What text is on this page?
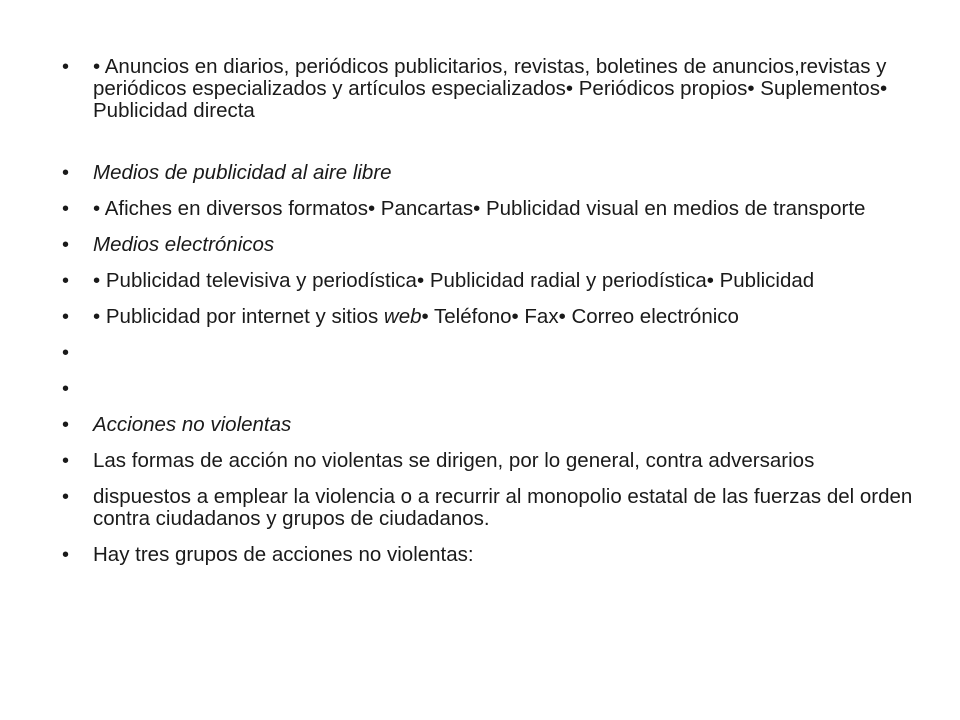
• • Anuncios en diarios, periódicos publicitarios, revistas, boletines de anuncios,revistas y periódicos especializados y artículos especializados• Periódicos propios• Suplementos• Publicidad directa
• Medios de publicidad al aire libre
• • Afiches en diversos formatos• Pancartas• Publicidad visual en medios de transporte
• Medios electrónicos
• • Publicidad televisiva y periodística• Publicidad radial y periodística• Publicidad
• • Publicidad por internet y sitios web• Teléfono• Fax• Correo electrónico
•
•
• Acciones no violentas
• Las formas de acción no violentas se dirigen, por lo general, contra adversarios
• dispuestos a emplear la violencia o a recurrir al monopolio estatal de las fuerzas del orden contra ciudadanos y grupos de ciudadanos.
• Hay tres grupos de acciones no violentas:
